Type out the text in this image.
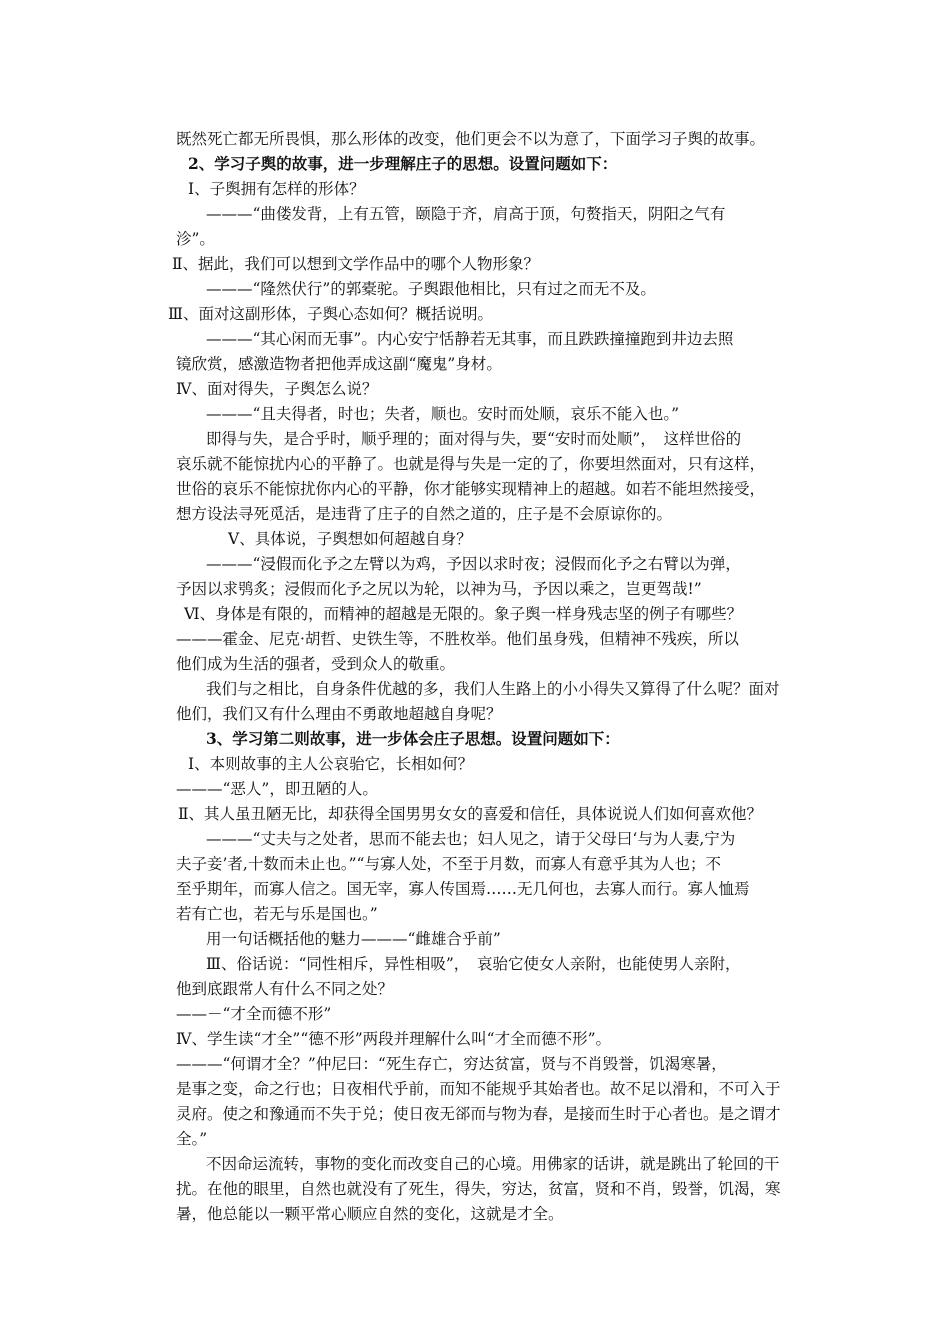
既然死亡都无所畏惧，那么形体的改变，他们更会不以为意了，下面学习子舆的故事。
2、学习子舆的故事，进一步理解庄子的思想。设置问题如下：
Ⅰ、子舆拥有怎样的形体？
———“曲偻发背，上有五管，颐隐于齐，肩高于顶，句赘指天，阴阳之气有
沴”。
Ⅱ、据此，我们可以想到文学作品中的哪个人物形象？
———“隆然伏行”的郭橐驼。子舆跟他相比，只有过之而无不及。
Ⅲ、面对这副形体，子舆心态如何？概括说明。
———“其心闲而无事”。内心安宁恬静若无其事，而且跌跌撞撞跑到井边去照
镜欣赏，感激造物者把他弄成这副“魔鬼”身材。
Ⅳ、面对得失，子舆怎么说？
———“且夫得者，时也；失者，顺也。安时而处顺，哀乐不能入也。”
即得与失，是合乎时，顺乎理的；面对得与失，要“安时而处顺”，　这样世俗的
哀乐就不能惊扰内心的平静了。也就是得与失是一定的了，你要坦然面对，只有这样，
世俗的哀乐不能惊扰你内心的平静，你才能够实现精神上的超越。如若不能坦然接受，
想方设法寻死觅活，是违背了庄子的自然之道的，庄子是不会原谅你的。
Ⅴ、具体说，子舆想如何超越自身？
———“浸假而化予之左臂以为鸡，予因以求时夜；浸假而化予之右臂以为弹，
予因以求鸮炙；浸假而化予之尻以为轮，以神为马，予因以乘之，岂更驾哉!”
Ⅵ、身体是有限的，而精神的超越是无限的。象子舆一样身残志坚的例子有哪些？
———霍金、尼克·胡哲、史铁生等，不胜枚举。他们虽身残，但精神不残疾，所以
他们成为生活的强者，受到众人的敬重。
我们与之相比，自身条件优越的多，我们人生路上的小小得失又算得了什么呢？面对
他们，我们又有什么理由不勇敢地超越自身呢？
3、学习第二则故事，进一步体会庄子思想。设置问题如下：
Ⅰ、本则故事的主人公哀骀它，长相如何？
———“恶人”，即丑陋的人。
Ⅱ、其人虽丑陋无比，却获得全国男男女女的喜爱和信任，具体说说人们如何喜欢他？
———“丈夫与之处者，思而不能去也；妇人见之，请于父母曰‘与为人妻,宁为
夫子妾’者,十数而未止也。”“与寡人处，不至于月数，而寡人有意乎其为人也；不
至乎期年，而寡人信之。国无宰，寡人传国焉……无几何也，去寡人而行。寡人恤焉
若有亡也，若无与乐是国也。”
用一句话概括他的魅力———“雌雄合乎前”
Ⅲ、俗话说：“同性相斥，异性相吸”，　哀骀它使女人亲附，也能使男人亲附，
他到底跟常人有什么不同之处？
——－“才全而德不形”
Ⅳ、学生读“才全”“德不形”两段并理解什么叫“才全而德不形”。
———“何谓才全？”仲尼曰：“死生存亡，穷达贫富，贤与不肖毁誉，饥渴寒暑，
是事之变，命之行也；日夜相代乎前，而知不能规乎其始者也。故不足以滑和，不可入于
灵府。使之和豫通而不失于兑；使日夜无郤而与物为春，是接而生时于心者也。是之谓才
全。”
不因命运流转，事物的变化而改变自己的心境。用佛家的话讲，就是跳出了轮回的干
扰。在他的眼里，自然也就没有了死生，得失，穷达，贫富，贤和不肖，毁誉，饥渴，寒
暑，他总能以一颗平常心顺应自然的变化，这就是才全。
